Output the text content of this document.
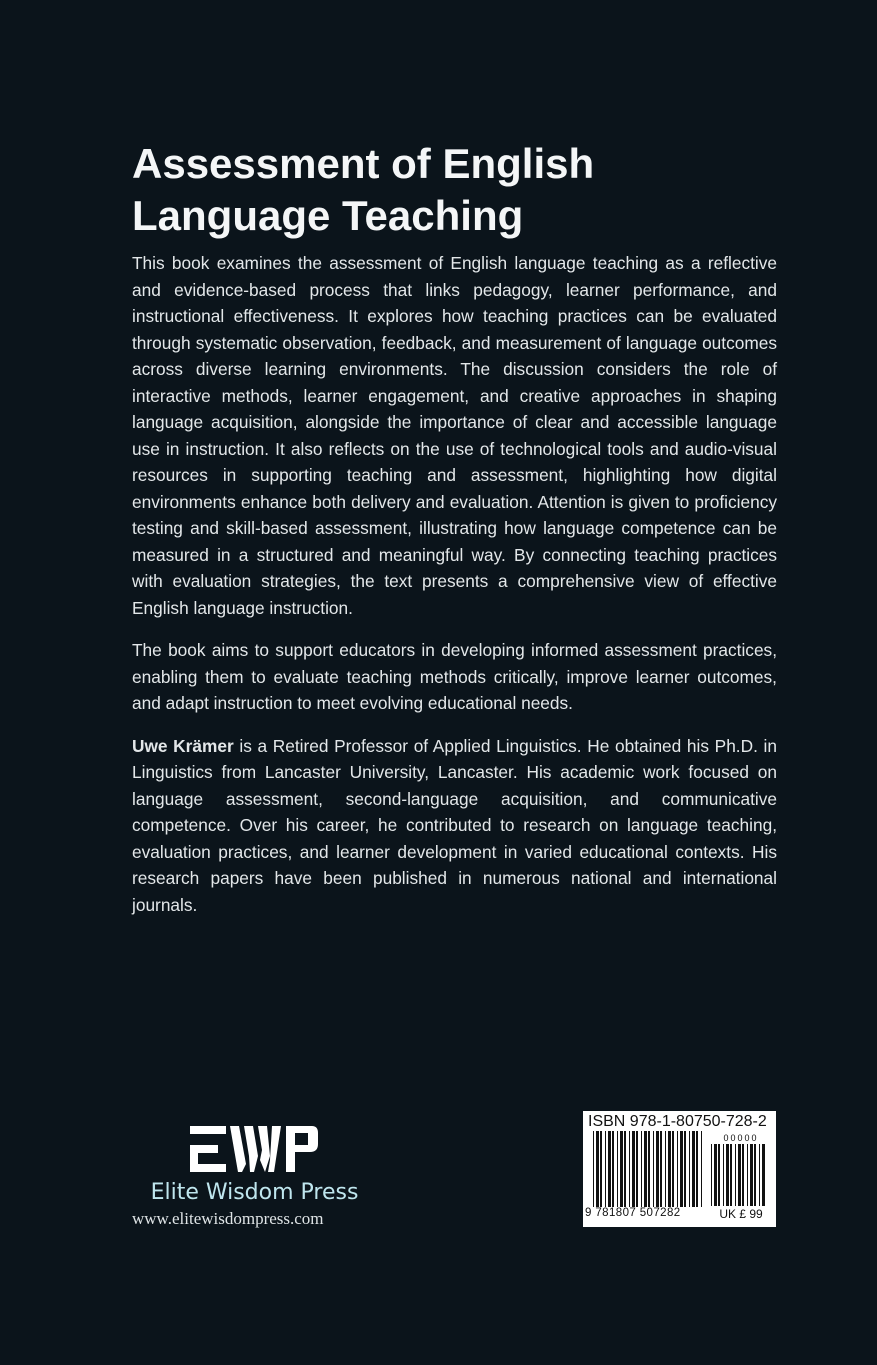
Assessment of English
Language Teaching

This book examines the assessment of English language teaching as a reflective and evidence-based process that links pedagogy, learner performance, and instructional effectiveness. It explores how teaching practices can be evaluated through systematic observation, feedback, and measurement of language outcomes across diverse learning environments. The discussion considers the role of interactive methods, learner engagement, and creative approaches in shaping language acquisition, alongside the importance of clear and accessible language use in instruction. It also reflects on the use of technological tools and audio-visual resources in supporting teaching and assessment, highlighting how digital environments enhance both delivery and evaluation. Attention is given to proficiency testing and skill-based assessment, illustrating how language competence can be measured in a structured and meaningful way. By connecting teaching practices with evaluation strategies, the text presents a comprehensive view of effective English language instruction.

The book aims to support educators in developing informed assessment practices, enabling them to evaluate teaching methods critically, improve learner outcomes, and adapt instruction to meet evolving educational needs.

Uwe Krämer is a Retired Professor of Applied Linguistics. He obtained his Ph.D. in Linguistics from Lancaster University, Lancaster. His academic work focused on language assessment, second-language acquisition, and communicative competence. Over his career, he contributed to research on language teaching, evaluation practices, and learner development in varied educational contexts. His research papers have been published in numerous national and international journals.

Elite Wisdom Press
www.elitewisdompress.com
ISBN 978-1-80750-728-2
00000
9 781807 507282	UK £ 99
